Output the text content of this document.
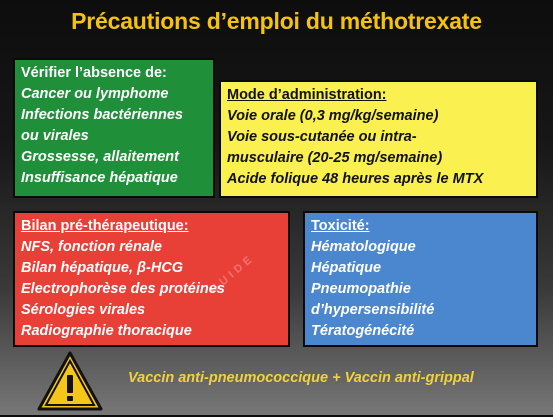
Précautions d’emploi du méthotrexate
Vérifier l’absence de:
Cancer ou lymphome
Infections bactériennes
ou virales
Grossesse, allaitement
Insuffisance hépatique
Mode d’administration:
Voie orale (0,3 mg/kg/semaine)
Voie sous-cutanée ou intra-
musculaire (20-25 mg/semaine)
Acide folique 48 heures après le MTX
Bilan pré-thérapeutique:
NFS, fonction rénale
Bilan hépatique, β-HCG
Electrophorèse des protéines
Sérologies virales
Radiographie thoracique
Toxicité:
Hématologique
Hépatique
Pneumopathie
d’hypersensibilité
Tératogénécité
GUIDE
Vaccin anti-pneumococcique + Vaccin anti-grippal
